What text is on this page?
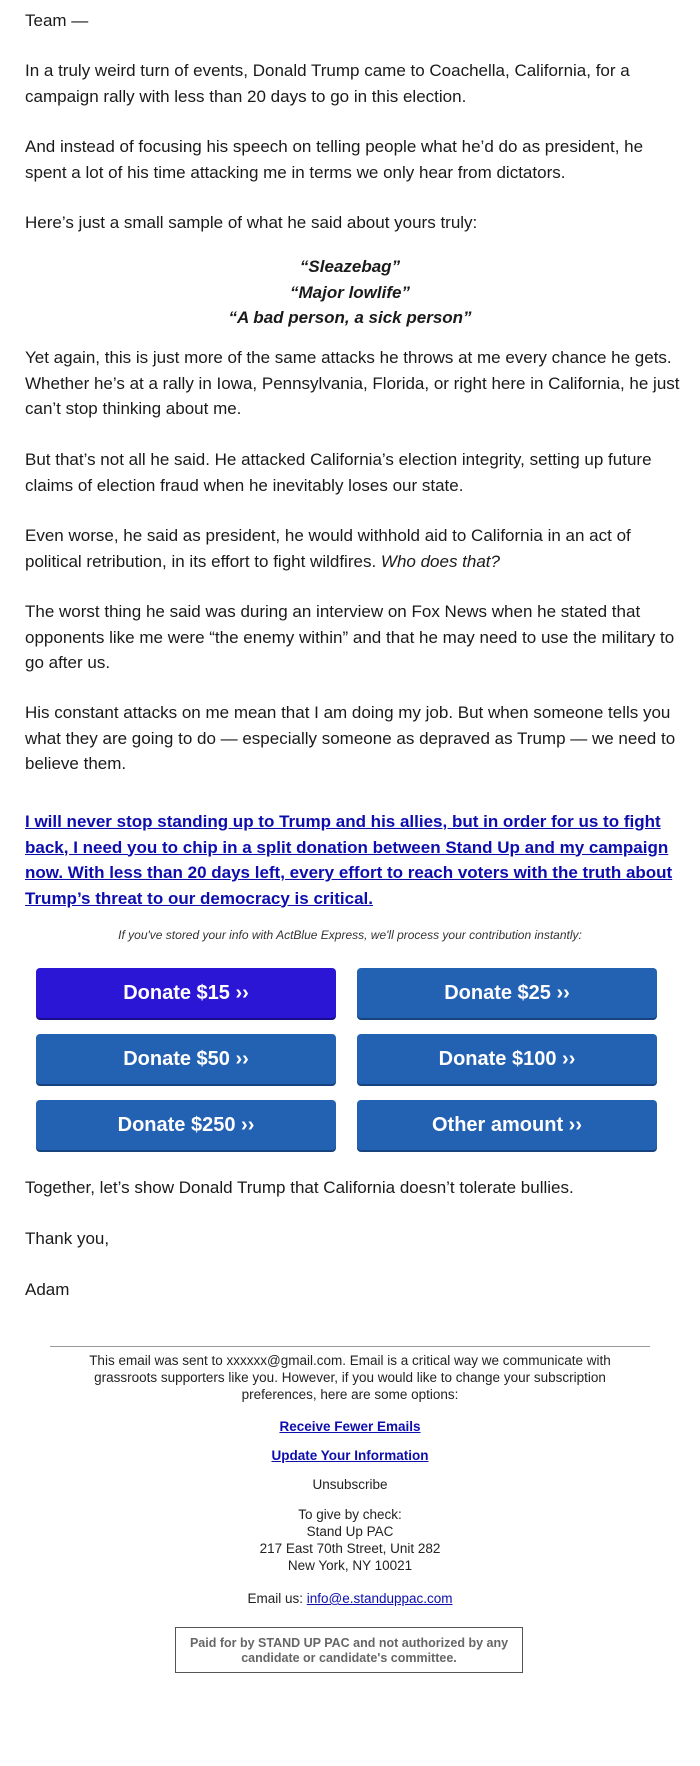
Team —

In a truly weird turn of events, Donald Trump came to Coachella, California, for a campaign rally with less than 20 days to go in this election.

And instead of focusing his speech on telling people what he’d do as president, he spent a lot of his time attacking me in terms we only hear from dictators.

Here’s just a small sample of what he said about yours truly:

“Sleazebag”
“Major lowlife”
“A bad person, a sick person”

Yet again, this is just more of the same attacks he throws at me every chance he gets. Whether he’s at a rally in Iowa, Pennsylvania, Florida, or right here in California, he just can’t stop thinking about me.

But that’s not all he said. He attacked California’s election integrity, setting up future claims of election fraud when he inevitably loses our state.

Even worse, he said as president, he would withhold aid to California in an act of political retribution, in its effort to fight wildfires. Who does that?

The worst thing he said was during an interview on Fox News when he stated that opponents like me were “the enemy within” and that he may need to use the military to go after us.

His constant attacks on me mean that I am doing my job. But when someone tells you what they are going to do — especially someone as depraved as Trump — we need to believe them.

I will never stop standing up to Trump and his allies, but in order for us to fight back, I need you to chip in a split donation between Stand Up and my campaign now. With less than 20 days left, every effort to reach voters with the truth about Trump’s threat to our democracy is critical.

If you've stored your info with ActBlue Express, we'll process your contribution instantly:
Donate $15 ››	Donate $25 ››
Donate $50 ››	Donate $100 ››
Donate $250 ››	Other amount ››

Together, let’s show Donald Trump that California doesn’t tolerate bullies.

Thank you,

Adam

This email was sent to xxxxxx@gmail.com. Email is a critical way we communicate with grassroots supporters like you. However, if you would like to change your subscription preferences, here are some options:
Receive Fewer Emails
Update Your Information
Unsubscribe
To give by check:
Stand Up PAC
217 East 70th Street, Unit 282
New York, NY 10021
Email us: info@e.standuppac.com
Paid for by STAND UP PAC and not authorized by any candidate or candidate's committee.
